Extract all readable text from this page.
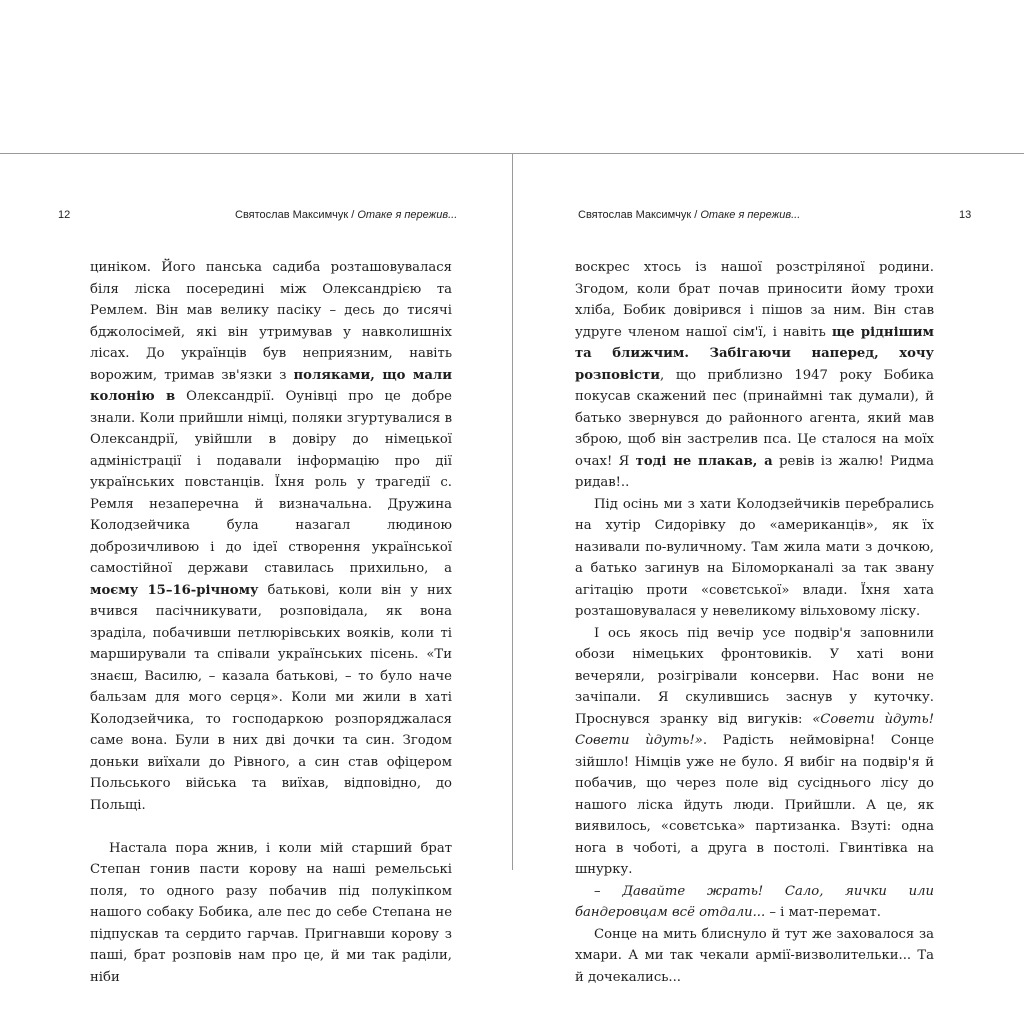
12	Святослав Максимчук / Отаке я пережив...

циніком. Його панська садиба розташовувалася біля ліска посередині між Олександрією та Ремлем. Він мав велику пасіку – десь до тисячі бджолосімей, які він утримував у навколишніх лісах. До українців був неприязним, навіть ворожим, тримав зв'язки з поляками, що мали колонію в Олександрії. Оунівці про це добре знали. Коли прийшли німці, поляки згуртувалися в Олександрії, увійшли в довіру до німецької адміністрації і подавали інформацію про дії українських повстанців. Їхня роль у трагедії с. Ремля незаперечна й визначальна. Дружина Колодзейчика була назагал людиною доброзичливою і до ідеї створення української самостійної держави ставилась прихильно, а моєму 15–16-річному батькові, коли він у них вчився пасічникувати, розповідала, як вона зраділа, побачивши петлюрівських вояків, коли ті марширували та співали українських пісень. «Ти знаєш, Василю, – казала батькові, – то було наче бальзам для мого серця». Коли ми жили в хаті Колодзейчика, то господаркою розпоряджалася саме вона. Були в них дві дочки та син. Згодом доньки виїхали до Рівного, а син став офіцером Польського війська та виїхав, відповідно, до Польщі.

Настала пора жнив, і коли мій старший брат Степан гонив пасти корову на наші ремельські поля, то одного разу побачив під полукіпком нашого собаку Бобика, але пес до себе Степана не підпускав та сердито гарчав. Пригнавши корову з паші, брат розповів нам про це, й ми так раділи, ніби

Святослав Максимчук / Отаке я пережив...	13

воскрес хтось із нашої розстріляної родини. Згодом, коли брат почав приносити йому трохи хліба, Бобик довірився і пішов за ним. Він став удруге членом нашої сім'ї, і навіть ще ріднішим та ближчим. Забігаючи наперед, хочу розповісти, що приблизно 1947 року Бобика покусав скажений пес (принаймні так думали), й батько звернувся до районного агента, який мав зброю, щоб він застрелив пса. Це сталося на моїх очах! Я тоді не плакав, а ревів із жалю! Ридма ридав!..

Під осінь ми з хати Колодзейчиків перебрались на хутір Сидорівку до «американців», як їх називали по-вуличному. Там жила мати з дочкою, а батько загинув на Біломорканалі за так звану агітацію проти «совєтської» влади. Їхня хата розташовувалася у невеликому вільховому ліску.

І ось якось під вечір усе подвір'я заповнили обози німецьких фронтовиків. У хаті вони вечеряли, розігрівали консерви. Нас вони не зачіпали. Я скулившись заснув у куточку. Проснувся зранку від вигуків: «Совети ùдуть! Совети ùдуть!». Радість неймовірна! Сонце зійшло! Німців уже не було. Я вибіг на подвір'я й побачив, що через поле від сусіднього лісу до нашого ліска йдуть люди. Прийшли. А це, як виявилось, «совєтська» партизанка. Взуті: одна нога в чоботі, а друга в постолі. Гвинтівка на шнурку.

– Давайте жрать! Сало, яички или бандеровцам всё отдали... – і мат-перемат.

Сонце на мить блиснуло й тут же заховалося за хмари. А ми так чекали армії-визволительки... Та й дочекались...
